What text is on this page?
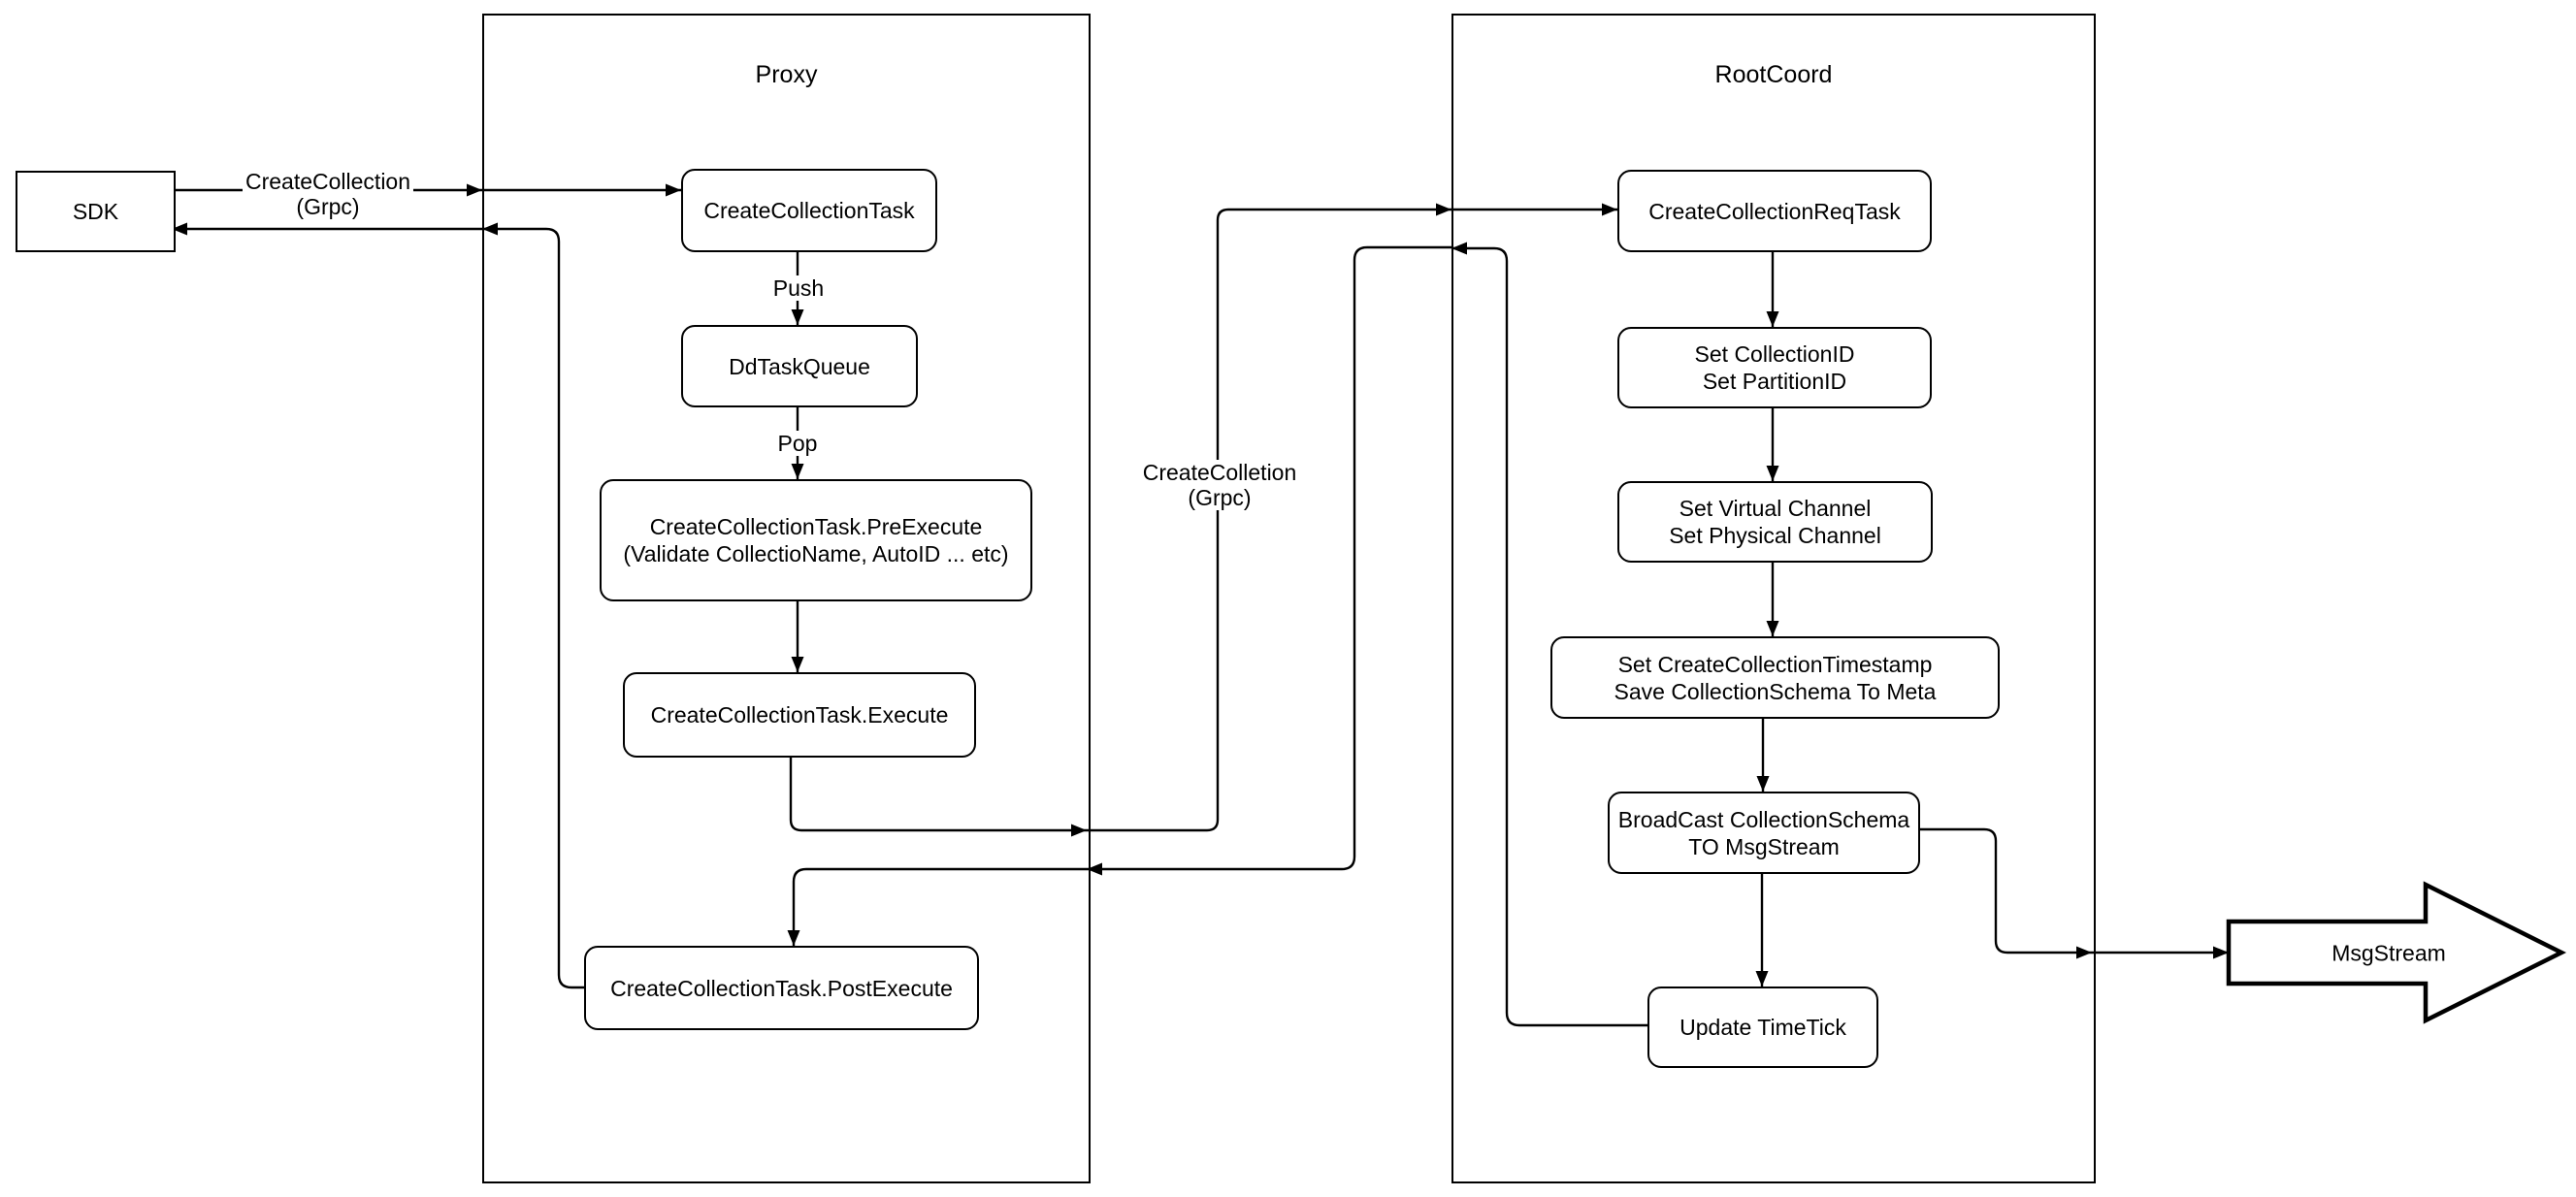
Proxy	RootCoord
SDK	CreateCollectionTask
DdTaskQueue
CreateCollectionTask.PreExecute
(Validate CollectioName, AutoID ... etc)
CreateCollectionTask.Execute
CreateCollectionTask.PostExecute
CreateCollectionReqTask
Set CollectionID
Set PartitionID
Set Virtual Channel
Set Physical Channel
Set CreateCollectionTimestamp
Save CollectionSchema To Meta
BroadCast CollectionSchema
TO MsgStream
Update TimeTick
CreateCollection
(Grpc)
Push
Pop
CreateColletion
(Grpc)
MsgStream
